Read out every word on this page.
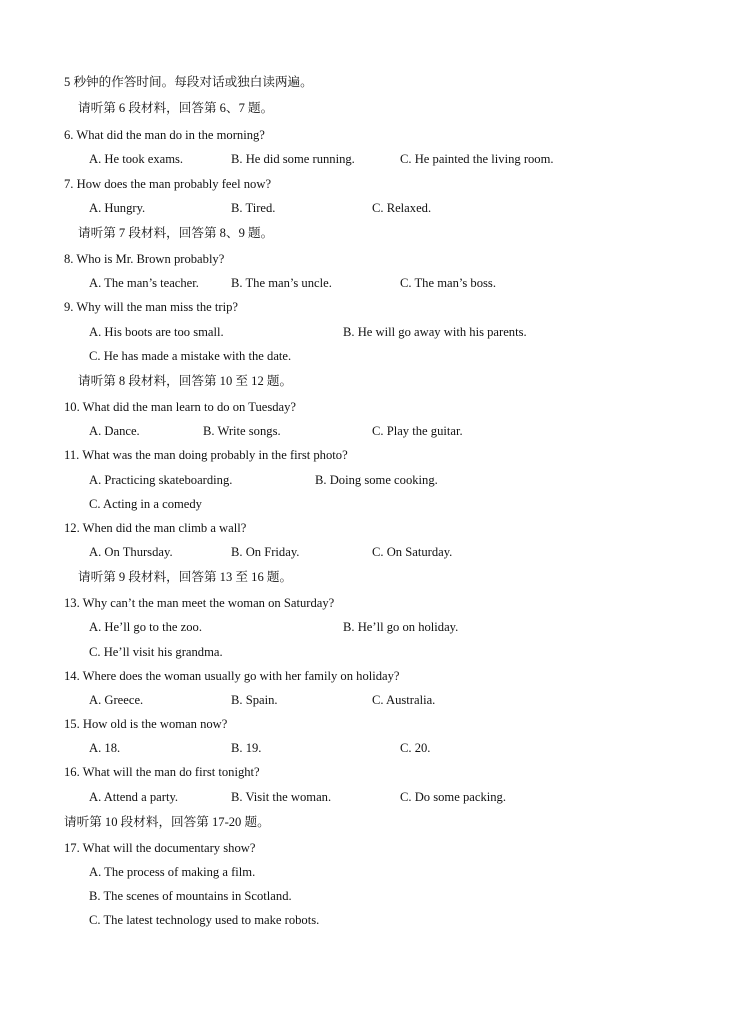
5 秒钟的作答时间。每段对话或独白读两遍。
请听第 6 段材料，回答第 6、7 题。
6. What did the man do in the morning?
A. He took exams.	B. He did some running.	C. He painted the living room.
7. How does the man probably feel now?
A. Hungry.	B. Tired.	C. Relaxed.
请听第 7 段材料，回答第 8、9 题。
8. Who is Mr. Brown probably?
A. The man’s teacher.	B. The man’s uncle.	C. The man’s boss.
9. Why will the man miss the trip?
A. His boots are too small.	B. He will go away with his parents.
C. He has made a mistake with the date.
请听第 8 段材料，回答第 10 至 12 题。
10. What did the man learn to do on Tuesday?
A. Dance.	B. Write songs.	C. Play the guitar.
11. What was the man doing probably in the first photo?
A. Practicing skateboarding.	B. Doing some cooking.
C. Acting in a comedy
12. When did the man climb a wall?
A. On Thursday.	B. On Friday.	C. On Saturday.
请听第 9 段材料，回答第 13 至 16 题。
13. Why can’t the man meet the woman on Saturday?
A. He’ll go to the zoo.	B. He’ll go on holiday.
C. He’ll visit his grandma.
14. Where does the woman usually go with her family on holiday?
A. Greece.	B. Spain.	C. Australia.
15. How old is the woman now?
A. 18.	B. 19.	C. 20.
16. What will the man do first tonight?
A. Attend a party.	B. Visit the woman.	C. Do some packing.
请听第 10 段材料，回答第 17-20 题。
17. What will the documentary show?
A. The process of making a film.
B. The scenes of mountains in Scotland.
C. The latest technology used to make robots.
